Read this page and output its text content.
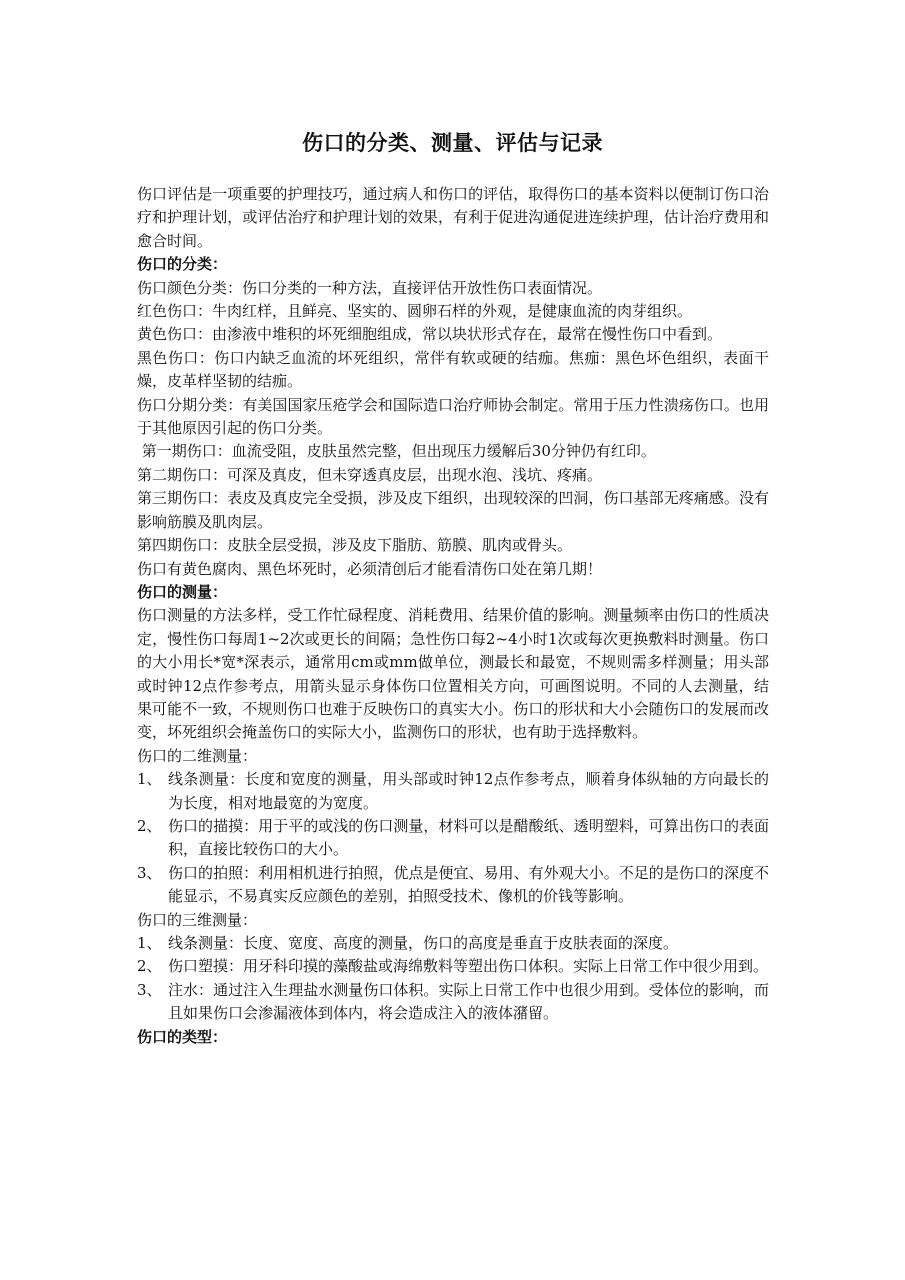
伤口的分类、测量、评估与记录

伤口评估是一项重要的护理技巧，通过病人和伤口的评估，取得伤口的基本资料以便制订伤口治疗和护理计划，或评估治疗和护理计划的效果，有利于促进沟通促进连续护理，估计治疗费用和愈合时间。

伤口的分类：

伤口颜色分类：伤口分类的一种方法，直接评估开放性伤口表面情况。

红色伤口：牛肉红样，且鲜亮、坚实的、圆卵石样的外观，是健康血流的肉芽组织。

黄色伤口：由渗液中堆积的坏死细胞组成，常以块状形式存在，最常在慢性伤口中看到。

黑色伤口：伤口内缺乏血流的坏死组织，常伴有软或硬的结痂。焦痂：黑色坏色组织，表面干燥，皮革样坚韧的结痂。

伤口分期分类：有美国国家压疮学会和国际造口治疗师协会制定。常用于压力性溃疡伤口。也用于其他原因引起的伤口分类。

第一期伤口：血流受阻，皮肤虽然完整，但出现压力缓解后30分钟仍有红印。

第二期伤口：可深及真皮，但未穿透真皮层，出现水泡、浅坑、疼痛。

第三期伤口：表皮及真皮完全受损，涉及皮下组织，出现较深的凹洞，伤口基部无疼痛感。没有影响筋膜及肌肉层。

第四期伤口：皮肤全层受损，涉及皮下脂肪、筋膜、肌肉或骨头。

伤口有黄色腐肉、黑色坏死时，必须清创后才能看清伤口处在第几期！

伤口的测量：

伤口测量的方法多样，受工作忙碌程度、消耗费用、结果价值的影响。测量频率由伤口的性质决定，慢性伤口每周1~2次或更长的间隔；急性伤口每2~4小时1次或每次更换敷料时测量。伤口的大小用长*宽*深表示，通常用cm或mm做单位，测最长和最宽，不规则需多样测量；用头部或时钟12点作参考点，用箭头显示身体伤口位置相关方向，可画图说明。不同的人去测量，结果可能不一致，不规则伤口也难于反映伤口的真实大小。伤口的形状和大小会随伤口的发展而改变，坏死组织会掩盖伤口的实际大小，监测伤口的形状，也有助于选择敷料。

伤口的二维测量：

1、 线条测量：长度和宽度的测量，用头部或时钟12点作参考点，顺着身体纵轴的方向最长的为长度，相对地最宽的为宽度。
2、 伤口的描摸：用于平的或浅的伤口测量，材料可以是醋酸纸、透明塑料，可算出伤口的表面积，直接比较伤口的大小。
3、 伤口的拍照：利用相机进行拍照，优点是便宜、易用、有外观大小。不足的是伤口的深度不能显示，不易真实反应颜色的差别，拍照受技术、像机的价钱等影响。

伤口的三维测量：

1、 线条测量：长度、宽度、高度的测量，伤口的高度是垂直于皮肤表面的深度。
2、 伤口塑摸：用牙科印摸的藻酸盐或海绵敷料等塑出伤口体积。实际上日常工作中很少用到。
3、 注水：通过注入生理盐水测量伤口体积。实际上日常工作中也很少用到。受体位的影响，而且如果伤口会渗漏液体到体内，将会造成注入的液体潴留。

伤口的类型：
